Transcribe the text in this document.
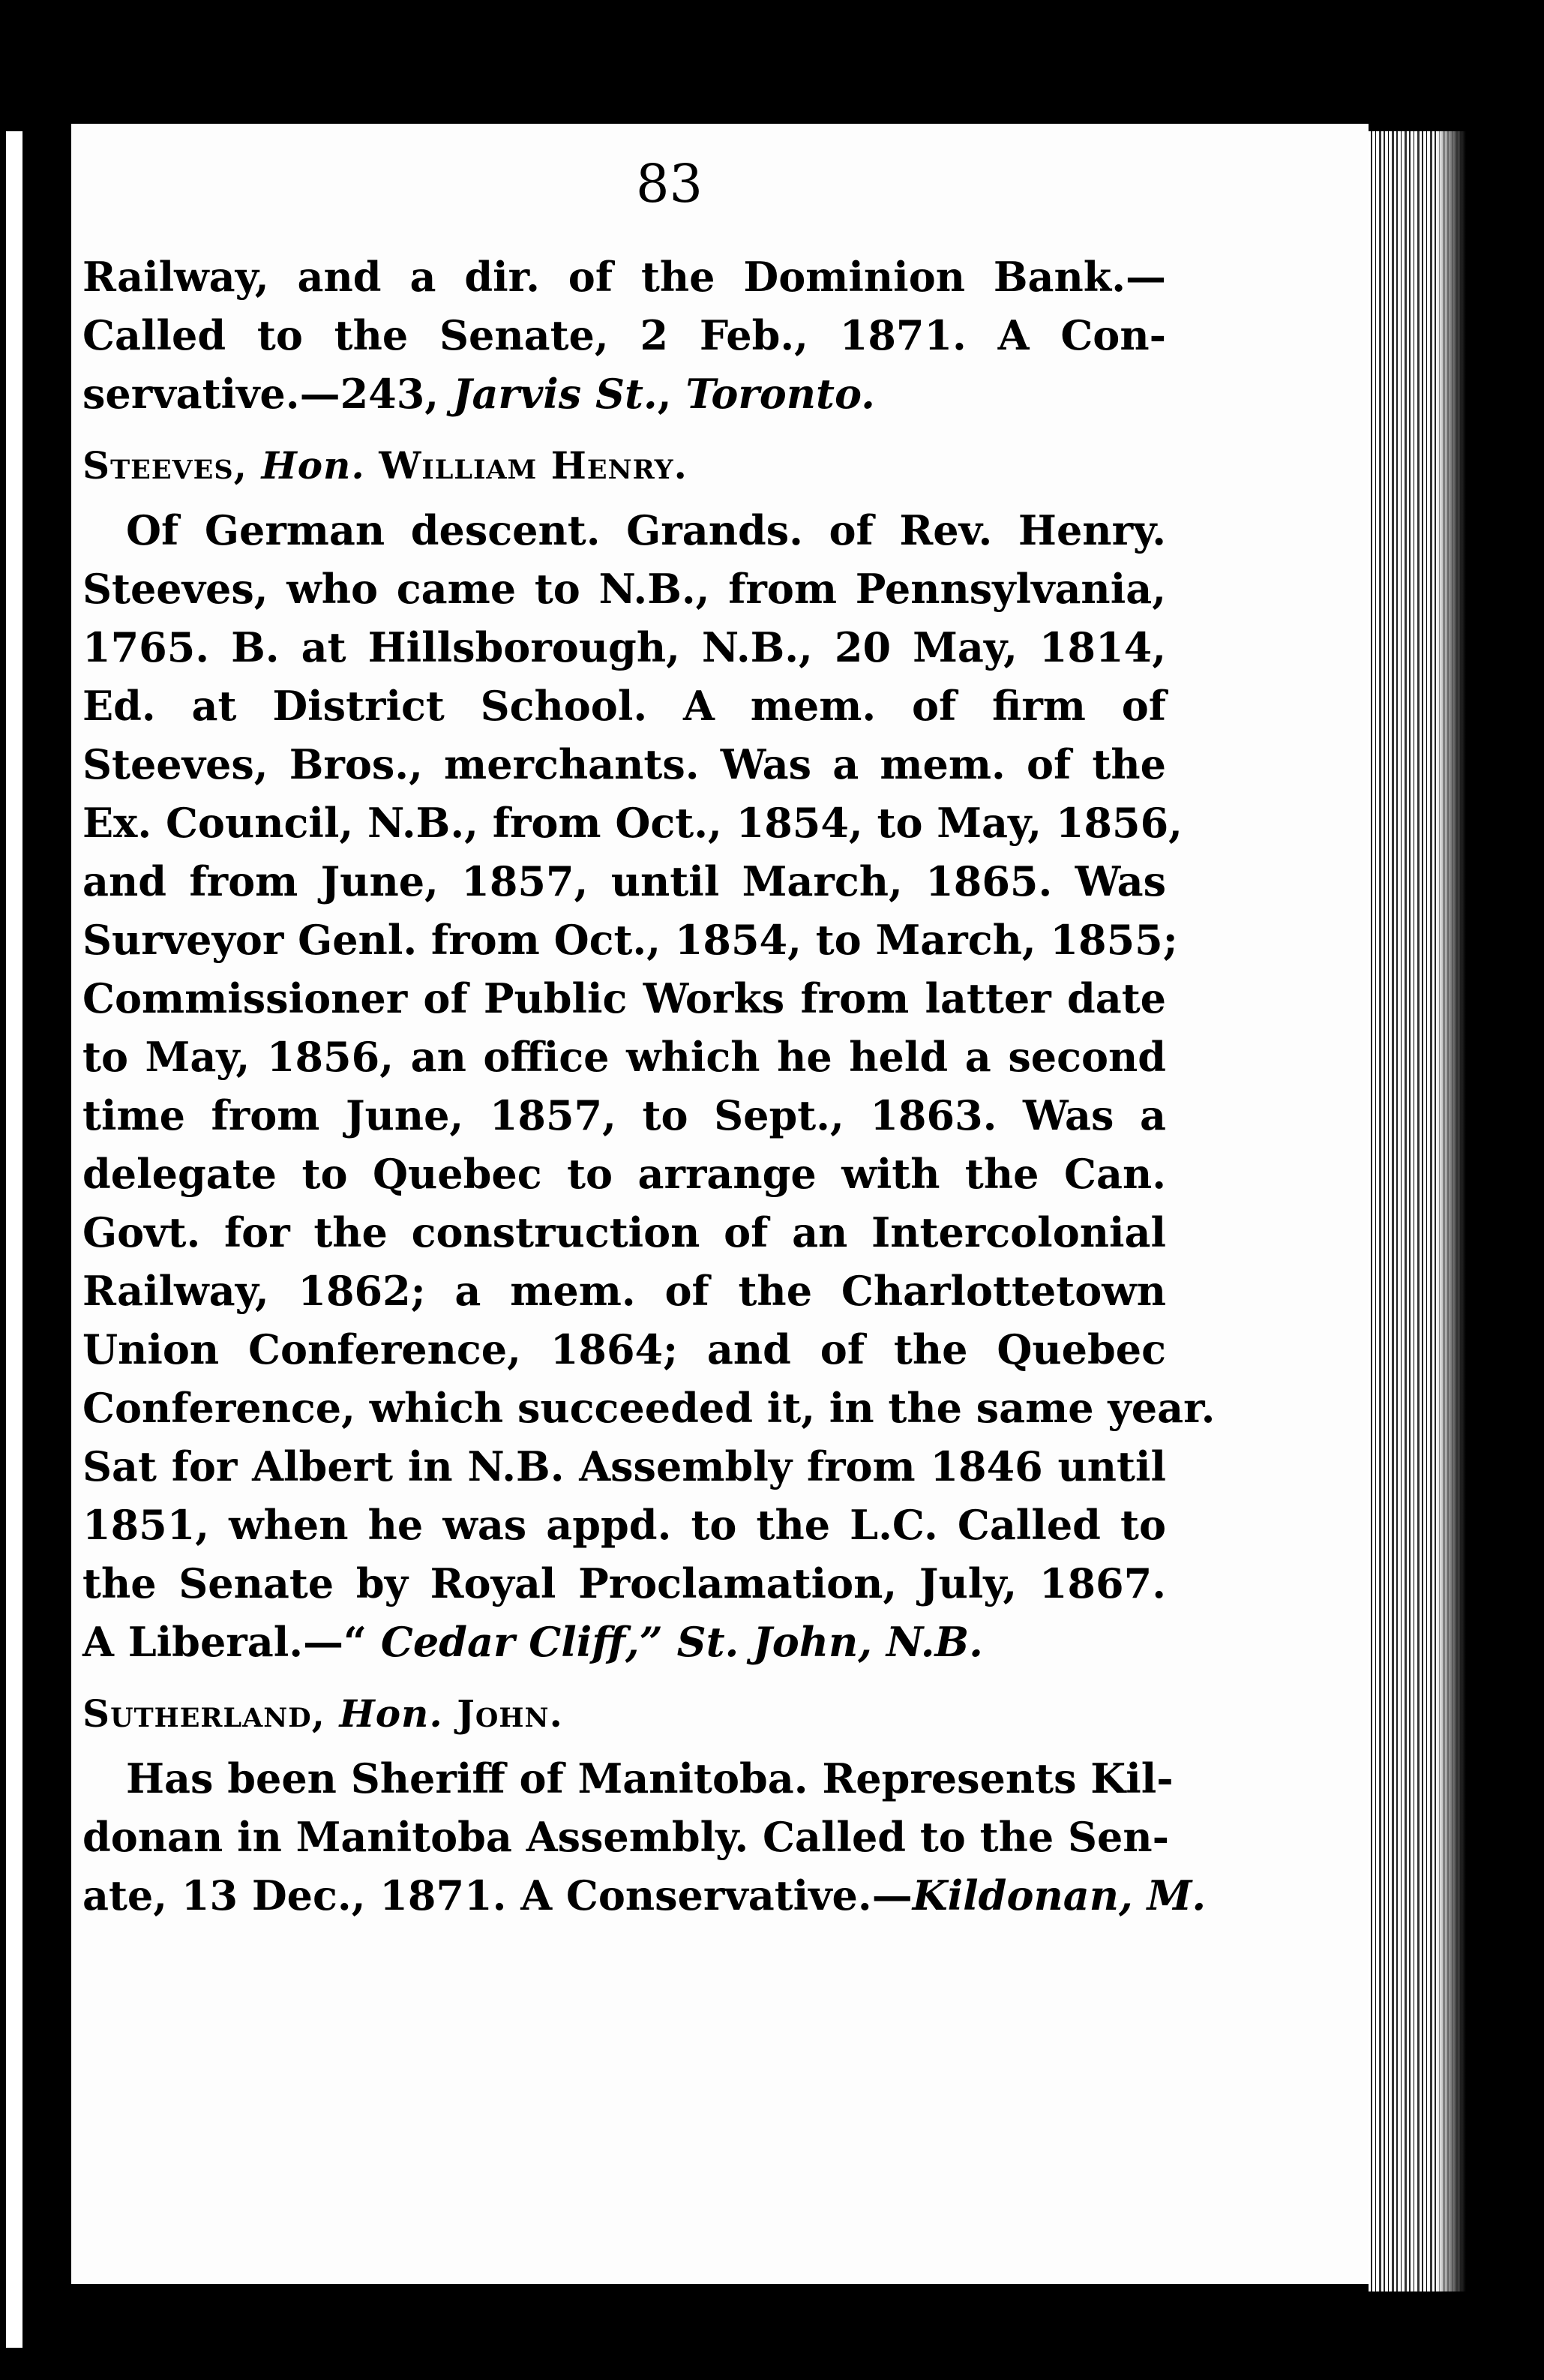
83
Railway, and a dir. of the Dominion Bank.—
Called to the Senate, 2 Feb., 1871. A Con-
servative.—243, Jarvis St., Toronto.
Steeves, Hon. William Henry.
Of German descent. Grands. of Rev. Henry.
Steeves, who came to N.B., from Pennsylvania,
1765. B. at Hillsborough, N.B., 20 May, 1814,
Ed. at District School. A mem. of firm of
Steeves, Bros., merchants. Was a mem. of the
Ex. Council, N.B., from Oct., 1854, to May, 1856,
and from June, 1857, until March, 1865. Was
Surveyor Genl. from Oct., 1854, to March, 1855;
Commissioner of Public Works from latter date
to May, 1856, an office which he held a second
time from June, 1857, to Sept., 1863. Was a
delegate to Quebec to arrange with the Can.
Govt. for the construction of an Intercolonial
Railway, 1862; a mem. of the Charlottetown
Union Conference, 1864; and of the Quebec
Conference, which succeeded it, in the same year.
Sat for Albert in N.B. Assembly from 1846 until
1851, when he was appd. to the L.C. Called to
the Senate by Royal Proclamation, July, 1867.
A Liberal.—“ Cedar Cliff,” St. John, N.B.
Sutherland, Hon. John.
Has been Sheriff of Manitoba. Represents Kil-
donan in Manitoba Assembly. Called to the Sen-
ate, 13 Dec., 1871. A Conservative.—Kildonan, M.
